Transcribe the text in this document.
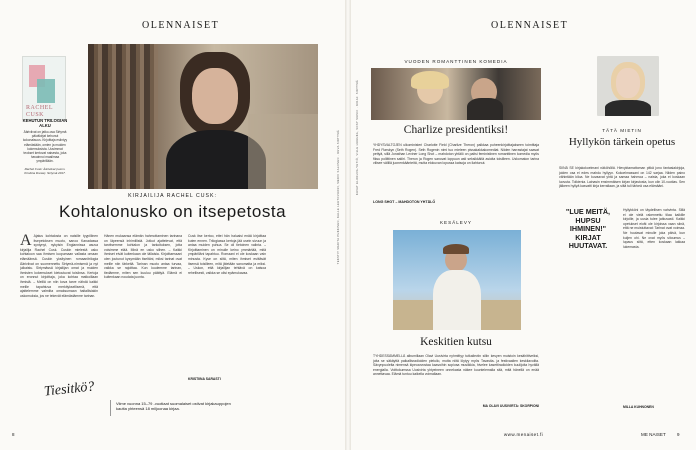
OLENNAISET
RACHEL CUSK
KEHUTUN TRILOGIAN ALKU
Ääriviivat on jatko-osa Sirtymä päiväkirjat kehunut kokonaisuus. Kirjoittaja esiintyy elämästään, omien ja muiden kokemuksista. Uusimmat teokset kertovat naisesta, joka havainnoi maailmaa ympärillään.
Rachel Cusk: Ääriviivat (suom. Kristiina Drews). Sirtymä 2017.	TEKSTIT MARITA PUKKINEN, KALLE LEHTOVUORI, MERVI SALONEN · KUVA SIRTYMÄ
KIRJAILIJA RACHEL CUSK:
Kohtalonusko on itsepetosta
A Ajatus kohtalosta on naisille tyypillinen itsepetoksen muoto, sanoo Kanadassa syntynyt, nykyisin Englannissa asuva kirjailija Rachel Cusk. Cuskin mielestä usko kohtaloon saa ihmisen luopumaan vallasta omaan elämäänsä. Cuskin yksityinen romaanitrilogia Ääriviivat on suomennettu Sirtymä-nimisenä ja nyt julkaistu. Sirtymässä kirjailijan omat ja muiden ihmisten kokemukset kietoutuvat toisiinsa. Kertoja on eronnut kirjoittaja, joka kohtaa matkoillaan ihmisiä. – Meillä on niin kova tarve nähdä kaikki meille tapahtuva merkityksellisenä, että ajattelemme valmiita omaksumaan haitallisiakin uskomuksia, jos ne tekevät elämästämme tarinan.
Hänen mukaansa elämän hahmottaminen tarinana on läpeensä inhimillistä. Jotkut ajattelevat, että tarvitsemme kohtalon ja tarkoituksen, jotta voisimme elää. Minä en usko siihen. – Kaikki ihmiset eivät kuitenkaan ole tällaisia. Kirjoittaessani olen joutunut kysymään itseltäni, miksi tarinat ovat meille niin tärkeitä. Tarinan muoto antaa turvaa, vaikka se rajoittaa. Kun kuulemme tarinan, tiedämme, miten sen kuuluu päättyä. Elämä ei kuitenkaan noudata juonta.
Cusk itse kertoo, ettei hän haluaisi enää kirjoittaa kuten ennen. Trilogiassa kertoja jää usein sivuun ja antaa muiden puhua. Se oli tietoinen valinta. – Kirjoittaminen on minulle keino ymmärtää, mitä ympärilläni tapahtuu. Romaani ei ole koskaan vain minusta. Kyse on siitä, miten ihmiset esittävät itsensä toisilleen, mitä jätetään sanomatta ja miksi. – Uskon, että kirjailijan tehtävä on katsoa rehellisesti, vaikka se olisi epämukavaa.
KRISTIINA SARASTI
Tiesitkö?
Viime vuonna 15–79 -vuotiaat suomalaiset ostivat kirjakauppojen kautta yhteensä 18 miljoonaa kirjaa.
8
OLENNAISET
VUODEN ROMANTTINEN KOMEDIA
Charlize presidentiksi!
YHDYSVALTOJEN ulkoministeri Charlotte Field (Charlize Theron) palkkaa puheenkirjoittajakseen toimittaja Fred Flarskyn (Seth Rogen). Seth Rogenin nimi tuo mieleen pissakakkakomediat. Niiden harrastajat saavat pettyä, sillä Jonathan Leviner Long Shot – mahdoton yhtälö on paitsi feministinen romanttinen komedia myös fiksu poliittinen satiiri. Theron ja Rogen sanovat loppuun asti seksikkäitä asioita toisilleen. Uskomaton tarina vilisee välillä juonenkäänteitä, mutta elokuvan lopussa katsoja on ilahtunut.
LONG SHOT – MAHDOTON YHTÄLÖ
KESÄLEVY
Keskitien kutsu
TYHDESSÄMMELLÄ albumillaan Olavi Uusivirta nyhmittyy tutkaileviin siliin kesyen muistoin kesähittiveiksi, joita se säkäyttä paikallisradioiden pieluilo, mutta niitä löytyy myös Tavastia- ja festivaalien keskilavoilta. Sävynpuolelta nimensä kipeoarvostaa kaavoihin sopivaa musiikkia, hivelee kasettiradioiden kuulijoita hyvällä energialla. Voittokumssa Uusivirta yhtyeineen onnekasta näkee kuuntelemalla sitä, mitä hänellä on enää annettavaa. Elämä tuntuu kaikella voimallaan.
MA OLAVI UUSIVIRTA: SKORPIONI
KUVAT ELOKUVA-YHTIÖ, VILLE HUUHKA, SONY MUSIC · KIRJA: SIRTYMÄ	TÄTÄ MIETIN
Hyllykön tärkein opetus
SIINÄ SE kirjakokoelmani näköhöllä. Hievyktamattoman pitkä jono fantasiakirjoja, joiden osa ei edes mahdu hyllyyn. Kokoelmassani on 142 sarjaa. Niiden paino vähintään kiloa. Ne kuvaavat yhtä ja samaa hahmoa – naista, joka ei koskaan luovuta. Tolkienia. Lainasin ensimmäisen kirjan kirjastosta, kun olin 10-vuotias. Sen jälkeen hyllyä kasvatti kirja kerrallaan, ja siitä tuli tärkeä osa elämääni.
"LUE MEITÄ, HUPSU IHMINEN!" KIRJAT HUUTAVAT.
Hyllykköni on täydellisen vahvinta. Sillä ei ole vielä rakennettu tilaa kaikille kirjoille, ja uusia tulee jatkuvasti. Kaikki opetukset eivät ole kirjoissa vaan siinä, että ne muistuttavat: Tarinat ovat voimaa. Ne huutavat minulle joka päivä, kun kuljen ohi. Ne ovat myös sitoumus – lupaus siitä, etten koskaan lakkaa lukemasta.
MILLA KUHNONEN
www.menaiset.fi	ME NAISET 9
